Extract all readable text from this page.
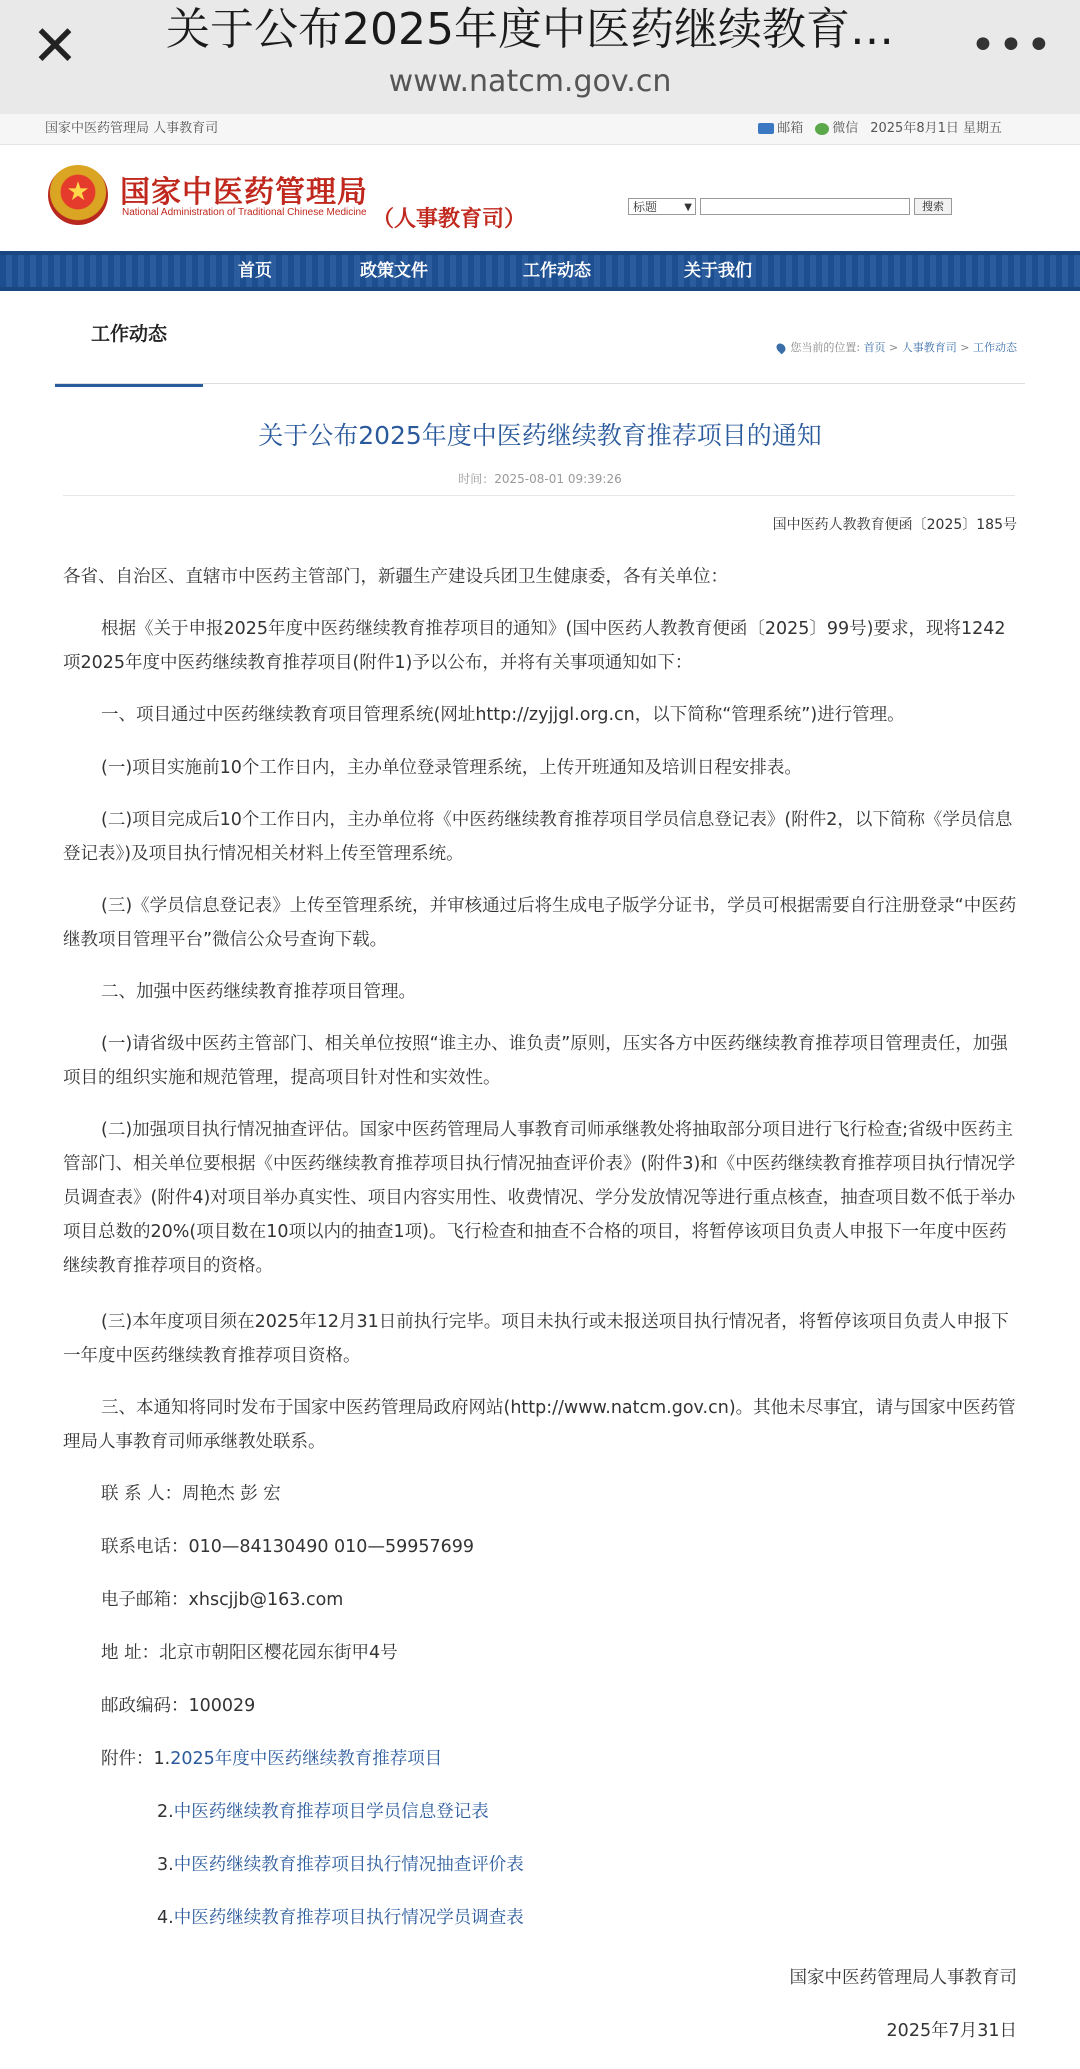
✕	关于公布2025年度中医药继续教育…
www.natcm.gov.cn
•••
国家中医药管理局 人事教育司	邮箱	微信 2025年8月1日 星期五
★	国家中医药管理局
National Administration of Traditional Chinese Medicine （人事教育司）	标题	▼	搜索
首页	政策文件	工作动态	关于我们
工作动态
您当前的位置: 首页 > 人事教育司 > 工作动态
关于公布2025年度中医药继续教育推荐项目的通知
时间：2025-08-01 09:39:26
国中医药人教教育便函〔2025〕185号
各省、自治区、直辖市中医药主管部门，新疆生产建设兵团卫生健康委，各有关单位：
根据《关于申报2025年度中医药继续教育推荐项目的通知》(国中医药人教教育便函〔2025〕99号)要求，现将1242项2025年度中医药继续教育推荐项目(附件1)予以公布，并将有关事项通知如下：
一、项目通过中医药继续教育项目管理系统(网址http://zyjjgl.org.cn，以下简称“管理系统”)进行管理。
(一)项目实施前10个工作日内，主办单位登录管理系统，上传开班通知及培训日程安排表。
(二)项目完成后10个工作日内，主办单位将《中医药继续教育推荐项目学员信息登记表》(附件2，以下简称《学员信息登记表》)及项目执行情况相关材料上传至管理系统。
(三)《学员信息登记表》上传至管理系统，并审核通过后将生成电子版学分证书，学员可根据需要自行注册登录“中医药继教项目管理平台”微信公众号查询下载。
二、加强中医药继续教育推荐项目管理。
(一)请省级中医药主管部门、相关单位按照“谁主办、谁负责”原则，压实各方中医药继续教育推荐项目管理责任，加强项目的组织实施和规范管理，提高项目针对性和实效性。
(二)加强项目执行情况抽查评估。国家中医药管理局人事教育司师承继教处将抽取部分项目进行飞行检查;省级中医药主管部门、相关单位要根据《中医药继续教育推荐项目执行情况抽查评价表》(附件3)和《中医药继续教育推荐项目执行情况学员调查表》(附件4)对项目举办真实性、项目内容实用性、收费情况、学分发放情况等进行重点核查，抽查项目数不低于举办项目总数的20%(项目数在10项以内的抽查1项)。飞行检查和抽查不合格的项目，将暂停该项目负责人申报下一年度中医药继续教育推荐项目的资格。
(三)本年度项目须在2025年12月31日前执行完毕。项目未执行或未报送项目执行情况者，将暂停该项目负责人申报下一年度中医药继续教育推荐项目资格。
三、本通知将同时发布于国家中医药管理局政府网站(http://www.natcm.gov.cn)。其他未尽事宜，请与国家中医药管理局人事教育司师承继教处联系。
联 系 人：周艳杰 彭 宏
联系电话：010—84130490 010—59957699
电子邮箱：xhscjjb@163.com
地 址：北京市朝阳区樱花园东街甲4号
邮政编码：100029
附件：1.2025年度中医药继续教育推荐项目
2.中医药继续教育推荐项目学员信息登记表
3.中医药继续教育推荐项目执行情况抽查评价表
4.中医药继续教育推荐项目执行情况学员调查表
国家中医药管理局人事教育司
2025年7月31日
